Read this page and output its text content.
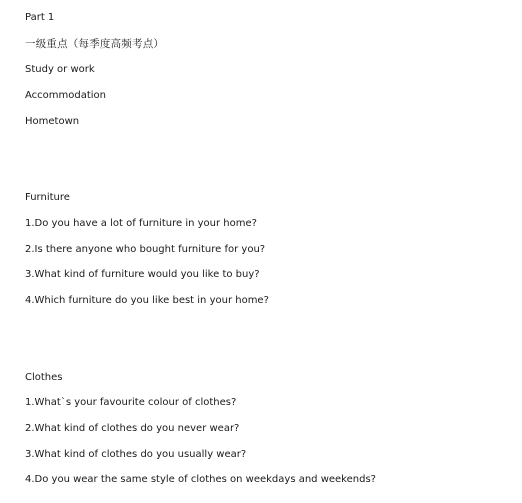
Part 1
一级重点（每季度高频考点）
Study or work
Accommodation
Hometown
Furniture
1.Do you have a lot of furniture in your home?
2.Is there anyone who bought furniture for you?
3.What kind of furniture would you like to buy?
4.Which furniture do you like best in your home?
Clothes
1.What`s your favourite colour of clothes?
2.What kind of clothes do you never wear?
3.What kind of clothes do you usually wear?
4.Do you wear the same style of clothes on weekdays and weekends?
